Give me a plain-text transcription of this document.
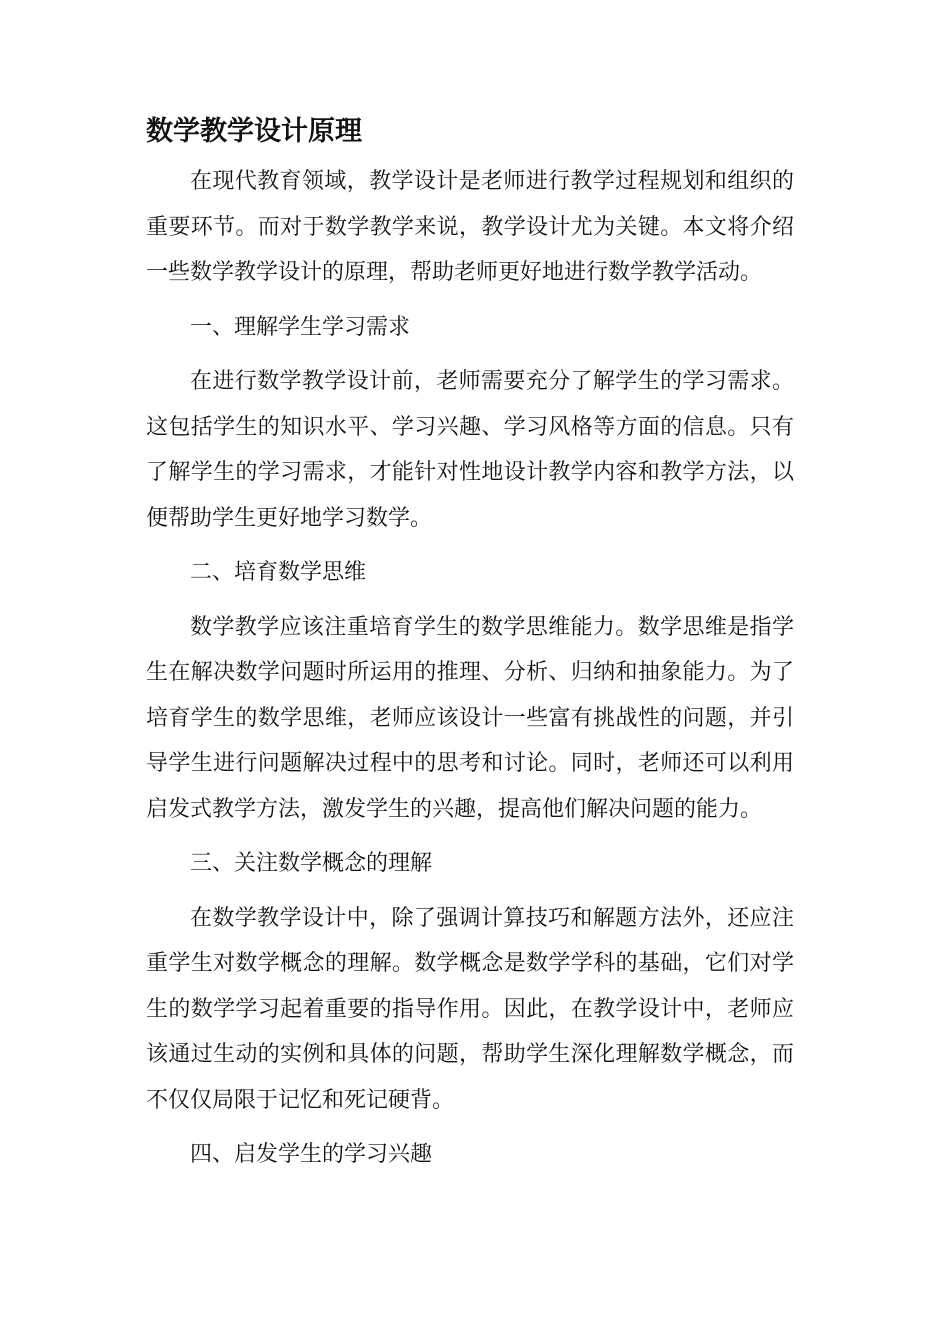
数学教学设计原理

在现代教育领域，教学设计是老师进行教学过程规划和组织的重要环节。而对于数学教学来说，教学设计尤为关键。本文将介绍一些数学教学设计的原理，帮助老师更好地进行数学教学活动。

一、理解学生学习需求

在进行数学教学设计前，老师需要充分了解学生的学习需求。这包括学生的知识水平、学习兴趣、学习风格等方面的信息。只有了解学生的学习需求，才能针对性地设计教学内容和教学方法，以便帮助学生更好地学习数学。

二、培育数学思维

数学教学应该注重培育学生的数学思维能力。数学思维是指学生在解决数学问题时所运用的推理、分析、归纳和抽象能力。为了培育学生的数学思维，老师应该设计一些富有挑战性的问题，并引导学生进行问题解决过程中的思考和讨论。同时，老师还可以利用启发式教学方法，激发学生的兴趣，提高他们解决问题的能力。

三、关注数学概念的理解

在数学教学设计中，除了强调计算技巧和解题方法外，还应注重学生对数学概念的理解。数学概念是数学学科的基础，它们对学生的数学学习起着重要的指导作用。因此，在教学设计中，老师应该通过生动的实例和具体的问题，帮助学生深化理解数学概念，而不仅仅局限于记忆和死记硬背。

四、启发学生的学习兴趣
